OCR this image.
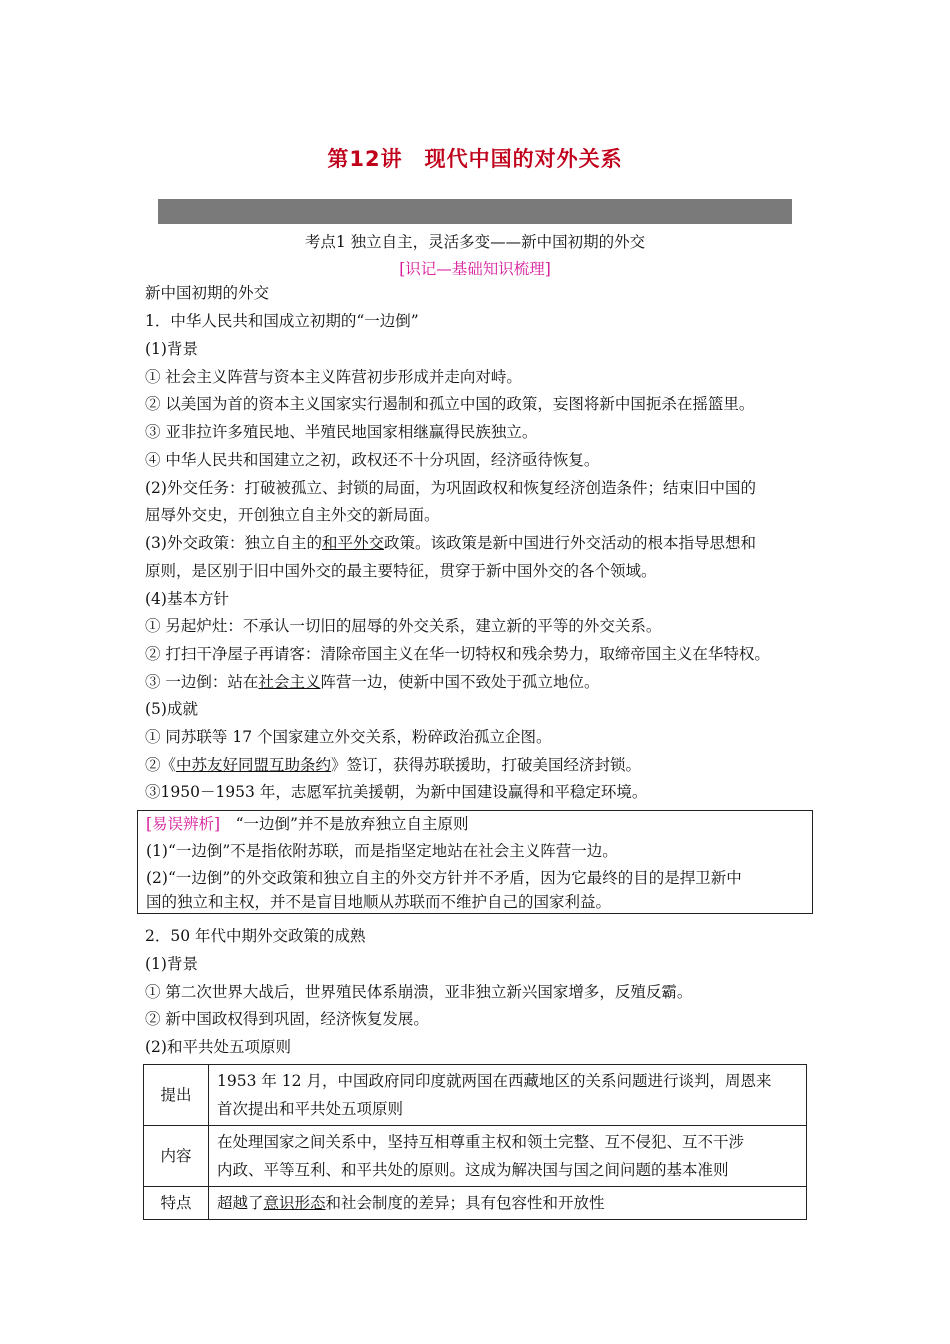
第12讲　现代中国的对外关系
考点1 独立自主，灵活多变——新中国初期的外交
[识记—基础知识梳理]
新中国初期的外交
1．中华人民共和国成立初期的“一边倒”
(1)背景
① 社会主义阵营与资本主义阵营初步形成并走向对峙。
② 以美国为首的资本主义国家实行遏制和孤立中国的政策，妄图将新中国扼杀在摇篮里。
③ 亚非拉许多殖民地、半殖民地国家相继赢得民族独立。
④ 中华人民共和国建立之初，政权还不十分巩固，经济亟待恢复。
(2)外交任务：打破被孤立、封锁的局面，为巩固政权和恢复经济创造条件；结束旧中国的
屈辱外交史，开创独立自主外交的新局面。
(3)外交政策：独立自主的和平外交政策。该政策是新中国进行外交活动的根本指导思想和
原则，是区别于旧中国外交的最主要特征，贯穿于新中国外交的各个领域。
(4)基本方针
① 另起炉灶：不承认一切旧的屈辱的外交关系，建立新的平等的外交关系。
② 打扫干净屋子再请客：清除帝国主义在华一切特权和残余势力，取缔帝国主义在华特权。
③ 一边倒：站在社会主义阵营一边，使新中国不致处于孤立地位。
(5)成就
① 同苏联等 17 个国家建立外交关系，粉碎政治孤立企图。
②《中苏友好同盟互助条约》签订，获得苏联援助，打破美国经济封锁。
③1950－1953 年，志愿军抗美援朝，为新中国建设赢得和平稳定环境。
[易误辨析]　“一边倒”并不是放弃独立自主原则
(1)“一边倒”不是指依附苏联，而是指坚定地站在社会主义阵营一边。
(2)“一边倒”的外交政策和独立自主的外交方针并不矛盾，因为它最终的目的是捍卫新中
国的独立和主权，并不是盲目地顺从苏联而不维护自己的国家利益。
2．50 年代中期外交政策的成熟
(1)背景
① 第二次世界大战后，世界殖民体系崩溃，亚非独立新兴国家增多，反殖反霸。
② 新中国政权得到巩固，经济恢复发展。
(2)和平共处五项原则
提出	1953 年 12 月，中国政府同印度就两国在西藏地区的关系问题进行谈判，周恩来
首次提出和平共处五项原则

内容	在处理国家之间关系中，坚持互相尊重主权和领土完整、互不侵犯、互不干涉
内政、平等互利、和平共处的原则。这成为解决国与国之间问题的基本准则

特点	超越了意识形态和社会制度的差异；具有包容性和开放性
